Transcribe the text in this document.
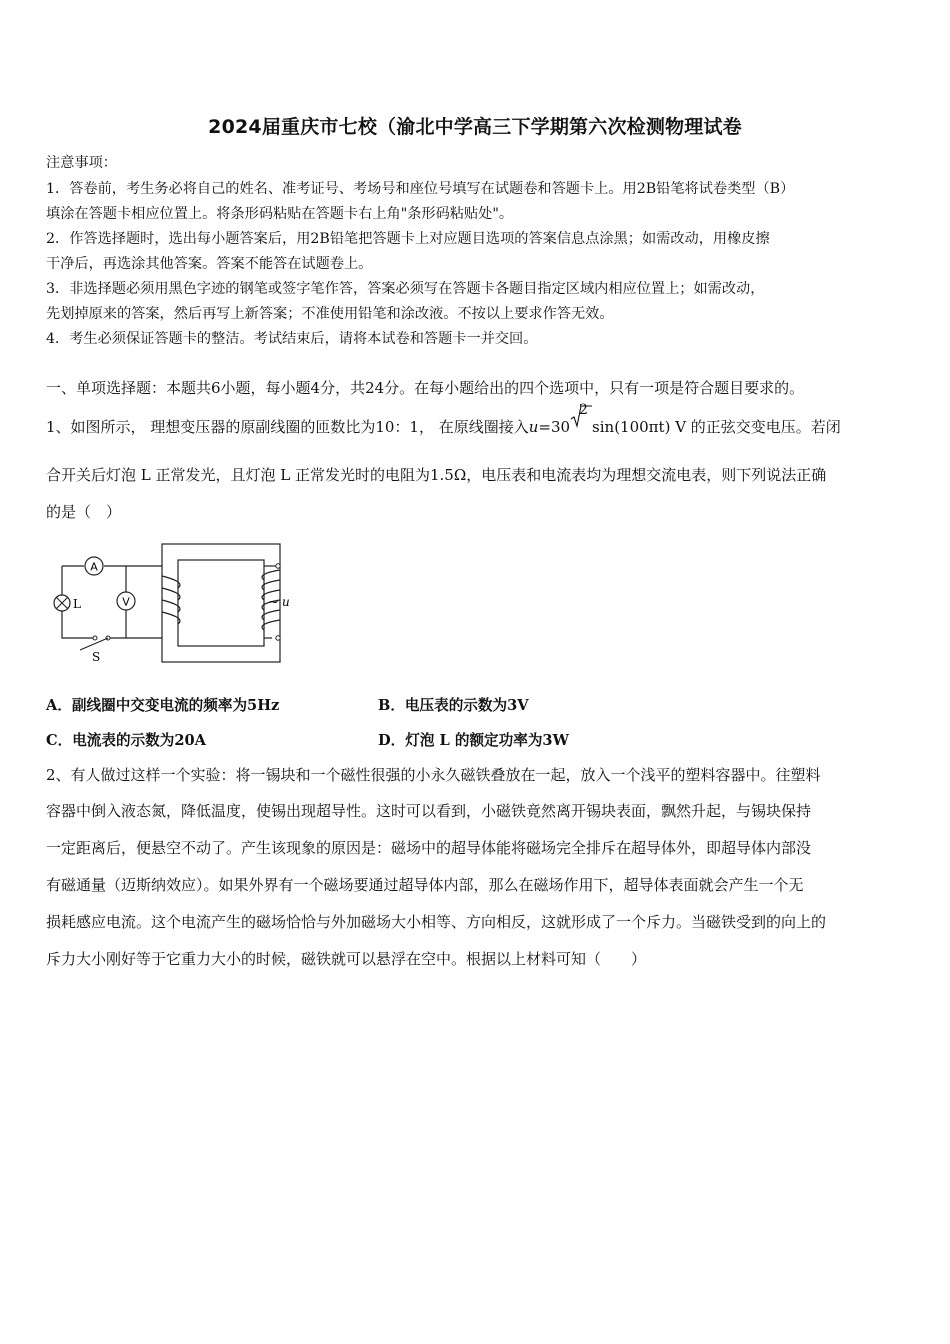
2024届重庆市七校（渝北中学高三下学期第六次检测物理试卷
注意事项：
1．答卷前，考生务必将自己的姓名、准考证号、考场号和座位号填写在试题卷和答题卡上。用2B铅笔将试卷类型（B）
填涂在答题卡相应位置上。将条形码粘贴在答题卡右上角"条形码粘贴处"。
2．作答选择题时，选出每小题答案后，用2B铅笔把答题卡上对应题目选项的答案信息点涂黑；如需改动，用橡皮擦
干净后，再选涂其他答案。答案不能答在试题卷上。
3．非选择题必须用黑色字迹的钢笔或签字笔作答，答案必须写在答题卡各题目指定区域内相应位置上；如需改动，
先划掉原来的答案，然后再写上新答案；不准使用铅笔和涂改液。不按以上要求作答无效。
4．考生必须保证答题卡的整洁。考试结束后，请将本试卷和答题卡一并交回。
一、单项选择题：本题共6小题，每小题4分，共24分。在每小题给出的四个选项中，只有一项是符合题目要求的。
1、如图所示， 理想变压器的原副线圈的匝数比为10：1， 在原线圈接入u=30
2
sin(100πt) V 的正弦交变电压。若闭
合开关后灯泡 L 正常发光，且灯泡 L 正常发光时的电阻为1.5Ω，电压表和电流表均为理想交流电表，则下列说法正确
的是（　）
A
V
L
S
~ u
A．副线圈中交变电流的频率为5Hz	B．电压表的示数为3V
C．电流表的示数为20A	D．灯泡 L 的额定功率为3W
2、有人做过这样一个实验：将一锡块和一个磁性很强的小永久磁铁叠放在一起，放入一个浅平的塑料容器中。往塑料
容器中倒入液态氮，降低温度，使锡出现超导性。这时可以看到，小磁铁竟然离开锡块表面，飘然升起，与锡块保持
一定距离后，便悬空不动了。产生该现象的原因是：磁场中的超导体能将磁场完全排斥在超导体外，即超导体内部没
有磁通量（迈斯纳效应）。如果外界有一个磁场要通过超导体内部，那么在磁场作用下，超导体表面就会产生一个无
损耗感应电流。这个电流产生的磁场恰恰与外加磁场大小相等、方向相反，这就形成了一个斥力。当磁铁受到的向上的
斥力大小刚好等于它重力大小的时候，磁铁就可以悬浮在空中。根据以上材料可知（　　）
